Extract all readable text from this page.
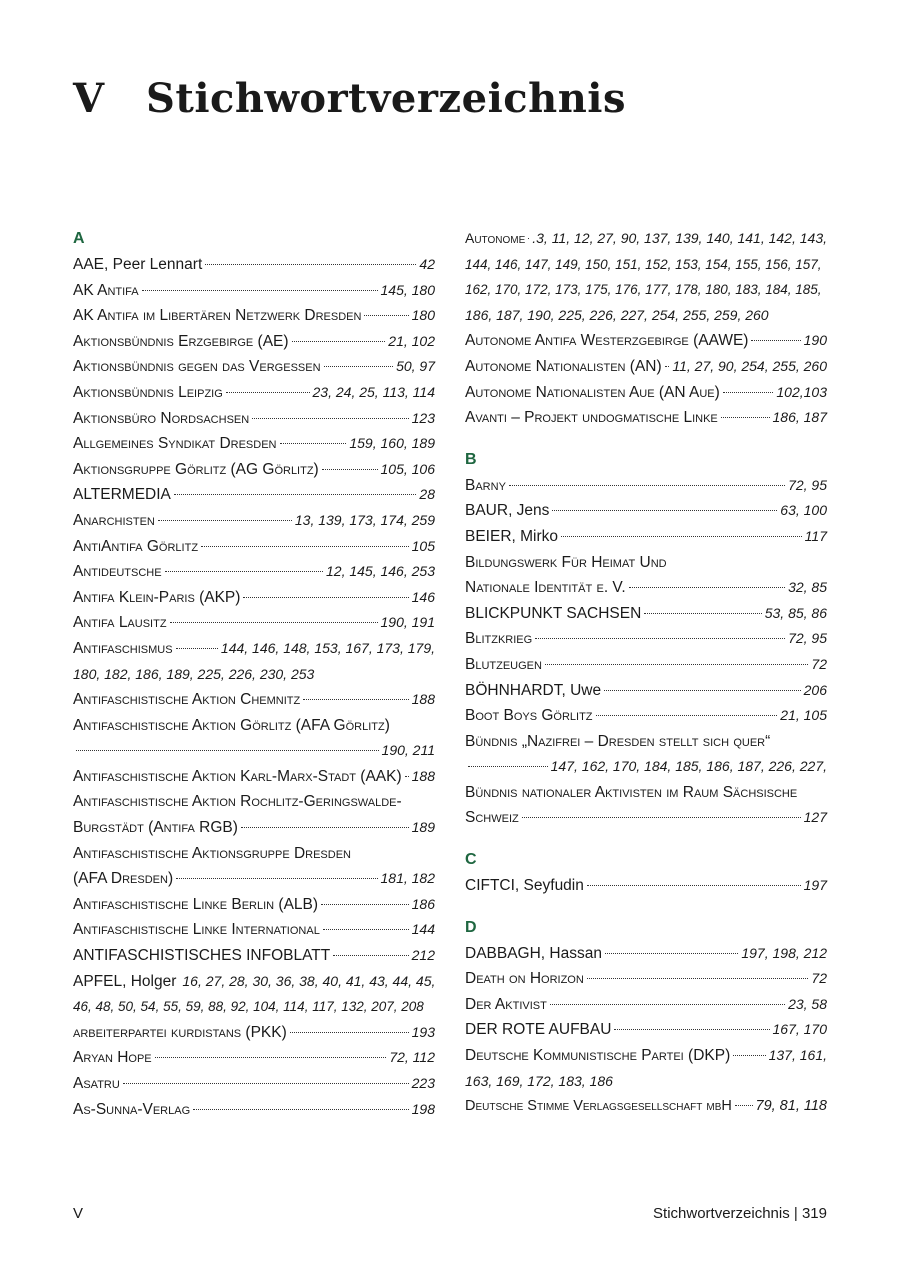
V Stichwortverzeichnis
A
AAE, Peer Lennart	42
AK Antifa	145, 180
AK Antifa im Libertären Netzwerk Dresden	180
Aktionsbündnis Erzgebirge (AE)	21, 102
Aktionsbündnis gegen das Vergessen	50, 97
Aktionsbündnis Leipzig	23, 24, 25, 113, 114
Aktionsbüro Nordsachsen	123
Allgemeines Syndikat Dresden	159, 160, 189
Aktionsgruppe Görlitz (AG Görlitz)	105, 106
ALTERMEDIA	28
Anarchisten	13, 139, 173, 174, 259
AntiAntifa Görlitz	105
Antideutsche	12, 145, 146, 253
Antifa Klein-Paris (AKP)	146
Antifa Lausitz	190, 191
Antifaschismus	144, 146, 148, 153, 167, 173, 179,
180, 182, 186, 189, 225, 226, 230, 253
Antifaschistische Aktion Chemnitz	188
Antifaschistische Aktion Görlitz (AFA Görlitz)
190, 211
Antifaschistische Aktion Karl-Marx-Stadt (AAK) 188
Antifaschistische Aktion Rochlitz-Geringswalde-
Burgstädt (Antifa RGB)	189
Antifaschistische Aktionsgruppe Dresden
(AFA Dresden)	181, 182
Antifaschistische Linke Berlin (ALB)	186
Antifaschistische Linke International	144
ANTIFASCHISTISCHES INFOBLATT	212
APFEL, Holger 16, 27, 28, 30, 36, 38, 40, 41, 43, 44, 45,
46, 48, 50, 54, 55, 59, 88, 92, 104, 114, 117, 132, 207, 208
arbeiterpartei kurdistans (PKK)	193
Aryan Hope	72, 112
Asatru	223
As-Sunna-Verlag	198
Autonome .3, 11, 12, 27, 90, 137, 139, 140, 141, 142, 143,
144, 146, 147, 149, 150, 151, 152, 153, 154, 155, 156, 157,
162, 170, 172, 173, 175, 176, 177, 178, 180, 183, 184, 185,
186, 187, 190, 225, 226, 227, 254, 255, 259, 260
Autonome Antifa Westerzgebirge (AAWE)	190
Autonome Nationalisten (AN) 11, 27, 90, 254, 255, 260
Autonome Nationalisten Aue (AN Aue)	102,103
Avanti – Projekt undogmatische Linke	186, 187
B
Barny	72, 95
BAUR, Jens	63, 100
BEIER, Mirko	117
Bildungswerk Für Heimat Und
Nationale Identität e. V.	32, 85
BLICKPUNKT SACHSEN	53, 85, 86
Blitzkrieg	72, 95
Blutzeugen	72
BÖHNHARDT, Uwe	206
Boot Boys Görlitz	21, 105
Bündnis „Nazifrei – Dresden stellt sich quer“
147, 162, 170, 184, 185, 186, 187, 226, 227,
Bündnis nationaler Aktivisten im Raum Sächsische
Schweiz	127
C
CIFTCI, Seyfudin	197
D
DABBAGH, Hassan	197, 198, 212
Death on Horizon	72
Der Aktivist	23, 58
DER ROTE AUFBAU	167, 170
Deutsche Kommunistische Partei (DKP)	137, 161,
163, 169, 172, 183, 186
Deutsche Stimme Verlagsgesellschaft mbH 79, 81, 118
V	Stichwortverzeichnis | 319
